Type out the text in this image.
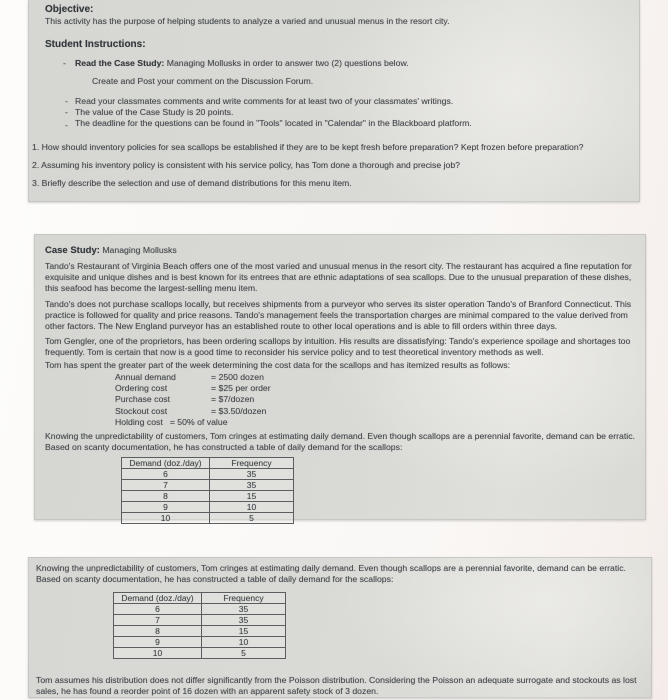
Objective:

This activity has the purpose of helping students to analyze a varied and unusual menus in the resort city.

Student Instructions:

- Read the Case Study: Managing Mollusks in order to answer two (2) questions below.

Create and Post your comment on the Discussion Forum.

- Read your classmates comments and write comments for at least two of your classmates' writings.

- The value of the Case Study is 20 points.

- The deadline for the questions can be found in "Tools" located in "Calendar" in the Blackboard platform.

1. How should inventory policies for sea scallops be established if they are to be kept fresh before preparation? Kept frozen before preparation?

2. Assuming his inventory policy is consistent with his service policy, has Tom done a thorough and precise job?

3. Briefly describe the selection and use of demand distributions for this menu item.

Case Study: Managing Mollusks

Tando's Restaurant of Virginia Beach offers one of the most varied and unusual menus in the resort city. The restaurant has acquired a fine reputation for exquisite and unique dishes and is best known for its entrees that are ethnic adaptations of sea scallops. Due to the unusual preparation of these dishes, this seafood has become the largest-selling menu item.

Tando's does not purchase scallops locally, but receives shipments from a purveyor who serves its sister operation Tando's of Branford Connecticut. This practice is followed for quality and price reasons. Tando's management feels the transportation charges are minimal compared to the value derived from other factors. The New England purveyor has an established route to other local operations and is able to fill orders within three days.

Tom Gengler, one of the proprietors, has been ordering scallops by intuition. His results are dissatisfying: Tando's experience spoilage and shortages too frequently. Tom is certain that now is a good time to reconsider his service policy and to test theoretical inventory methods as well.

Tom has spent the greater part of the week determining the cost data for the scallops and has itemized results as follows:

Annual demand	= 2500 dozen
Ordering cost	= $25 per order
Purchase cost	= $7/dozen
Stockout cost	= $3.50/dozen
Holding cost = 50% of value

Knowing the unpredictability of customers, Tom cringes at estimating daily demand. Even though scallops are a perennial favorite, demand can be erratic. Based on scanty documentation, he has constructed a table of daily demand for the scallops:

Demand (doz./day)	Frequency
6	35
7	35
8	15
9	10
10	5

Knowing the unpredictability of customers, Tom cringes at estimating daily demand. Even though scallops are a perennial favorite, demand can be erratic. Based on scanty documentation, he has constructed a table of daily demand for the scallops:

Demand (doz./day)	Frequency
6	35
7	35
8	15
9	10
10	5

Tom assumes his distribution does not differ significantly from the Poisson distribution. Considering the Poisson an adequate surrogate and stockouts as lost sales, he has found a reorder point of 16 dozen with an apparent safety stock of 3 dozen.
